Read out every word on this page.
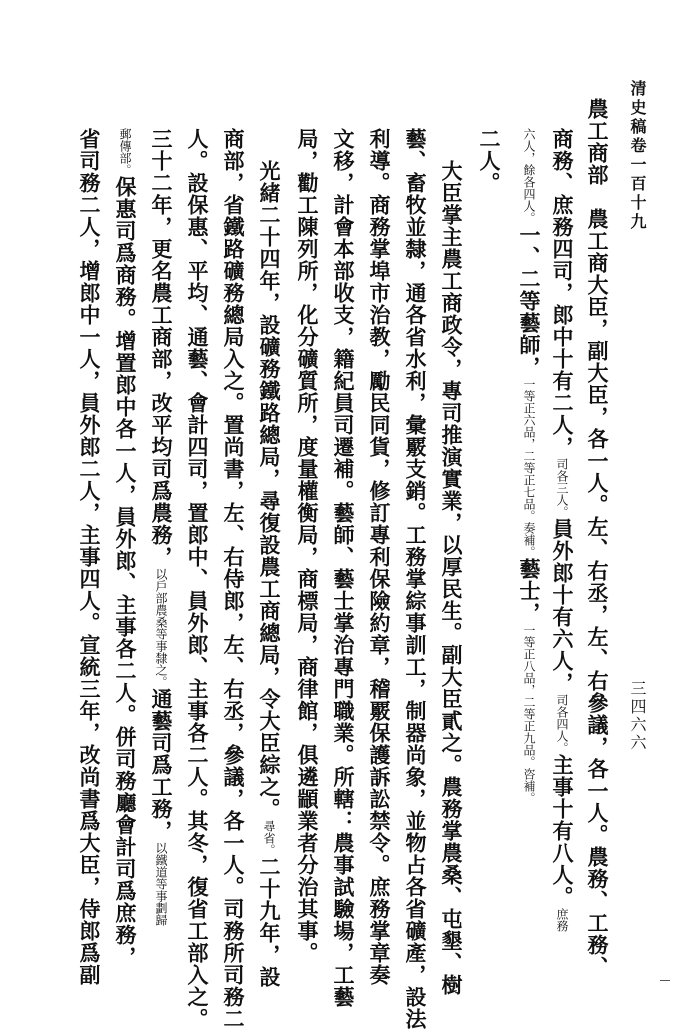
清史稿卷一百十九
三四六六
農工商部　農工商大臣，副大臣，各一人。左、右丞，左、右參議，各一人。農務、工務、
商務、庶務四司，郎中十有二人，司各三人。員外郎十有六人，司各四人。主事十有八人。庶務
六人，餘各四人。一、二等藝師，一等正六品，二等正七品。奏補。藝士，一等正八品，二等正九品。咨補。
二人。
大臣掌主農工商政令，專司推演實業，以厚民生。副大臣貳之。農務掌農桑、屯墾、樹
藝、畜牧並隸，通各省水利，彙覈支銷。工務掌綜事訓工，制器尚象，並物占各省礦產，設法
利導。商務掌埠市治教，勵民同貨，修訂專利保險約章，稽覈保護訴訟禁令。庶務掌章奏
文移，計會本部收支，籍紀員司遷補。藝師、藝士掌治專門職業。所轄：農事試驗場，工藝
局，勸工陳列所，化分礦質所，度量權衡局，商標局，商律館，俱遴顓業者分治其事。
光緒二十四年，設礦務鐵路總局，尋復設農工商總局，令大臣綜之。尋省。二十九年，設
商部，省鐵路礦務總局入之。置尚書，左、右侍郎，左、右丞，參議，各一人。司務所司務二
人。設保惠、平均、通藝、會計四司，置郎中、員外郎、主事各二人。其冬，復省工部入之。
三十二年，更名農工商部，改平均司爲農務，以戶部農桑等事隸之。通藝司爲工務，以鐵道等事劃歸
郵傳部。保惠司爲商務。增置郎中各一人，員外郎、主事各二人。併司務廳會計司爲庶務，
省司務二人，增郎中一人，員外郎二人，主事四人。宣統三年，改尚書爲大臣，侍郎爲副
